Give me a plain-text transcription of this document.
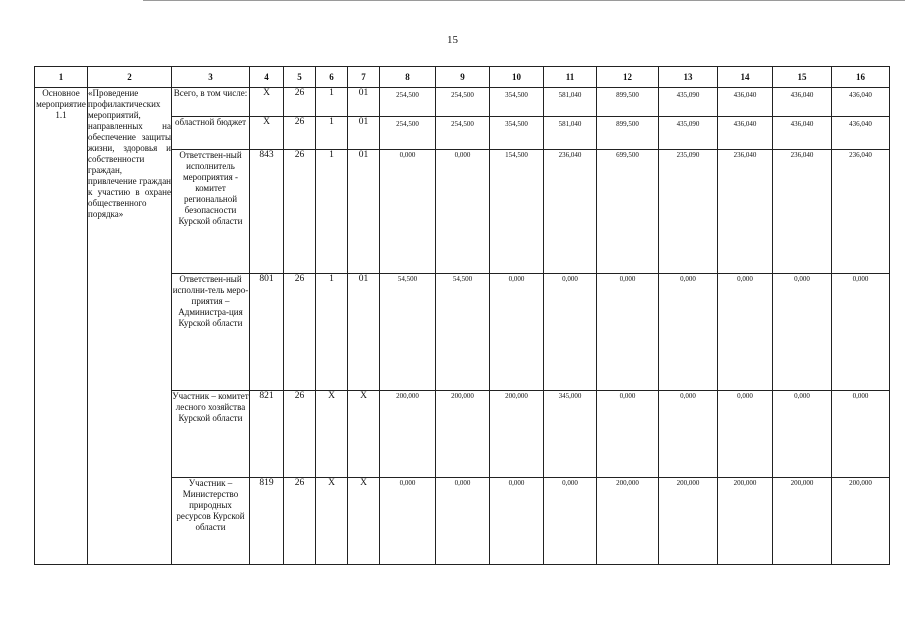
15
1	2	3	4	5	6	7	8	9	10	11	12	13	14	15	16
Основное мероприятие 1.1	«Проведение профилактических мероприятий, направленных на обеспечение защиты жизни, здоровья и собственности граждан, привлечение граждан к участию в охране общественного порядка»	Всего, в том числе:	Х	26	1	01	254,500	254,500	354,500	581,040	899,500	435,090	436,040	436,040	436,040
		областной бюджет	Х	26	1	01	254,500	254,500	354,500	581,040	899,500	435,090	436,040	436,040	436,040
		Ответствен-ный исполнитель мероприятия - комитет региональной безопасности Курской области	843	26	1	01	0,000	0,000	154,500	236,040	699,500	235,090	236,040	236,040	236,040
		Ответствен-ный исполни-тель меро-приятия – Администра-ция Курской области	801	26	1	01	54,500	54,500	0,000	0,000	0,000	0,000	0,000	0,000	0,000
		Участник – комитет лесного хозяйства Курской области	821	26	Х	Х	200,000	200,000	200,000	345,000	0,000	0,000	0,000	0,000	0,000
		Участник – Министерство природных ресурсов Курской области	819	26	Х	Х	0,000	0,000	0,000	0,000	200,000	200,000	200,000	200,000	200,000
